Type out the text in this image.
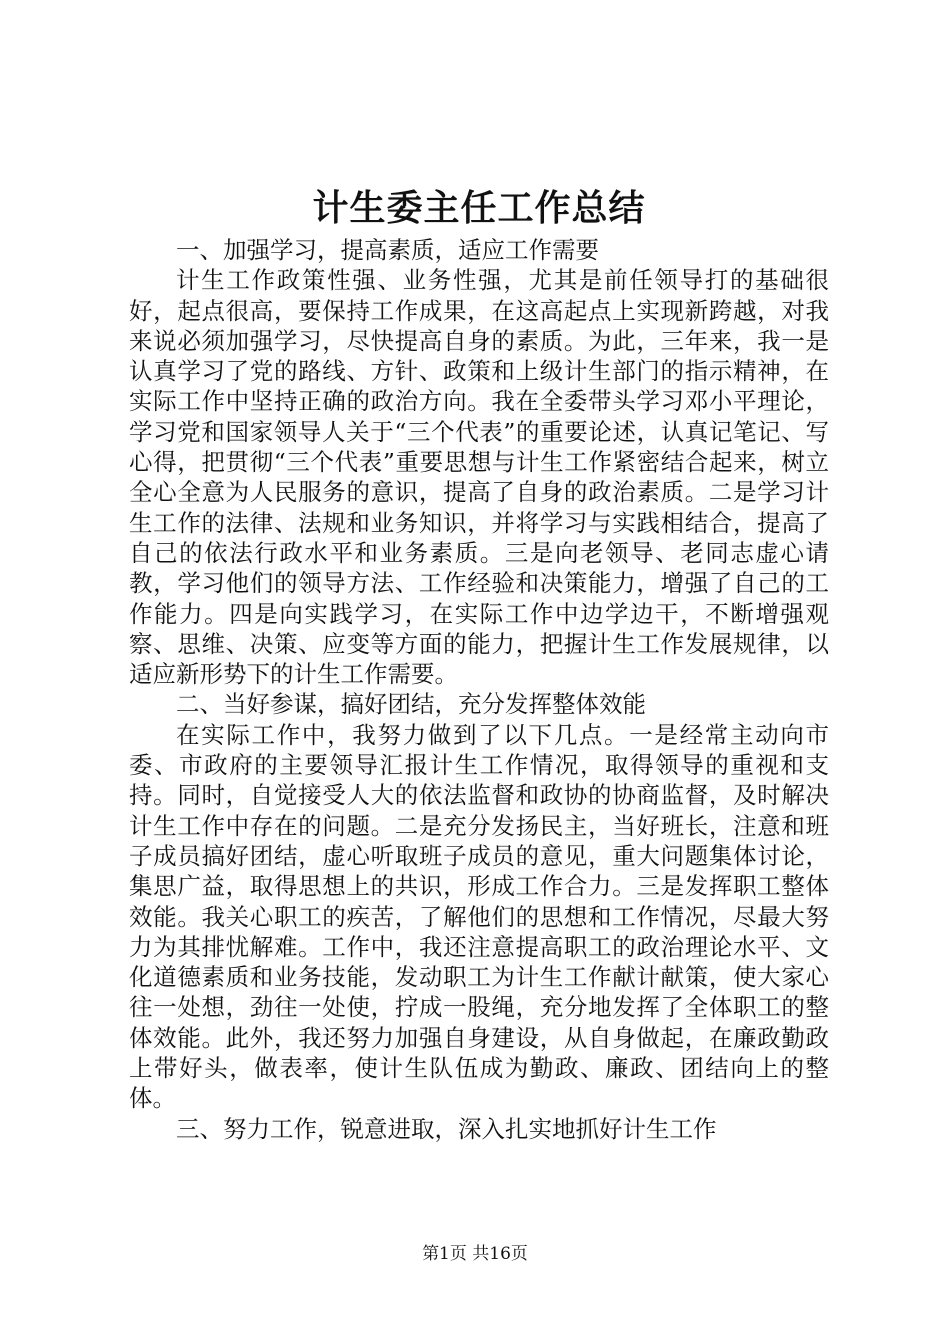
计生委主任工作总结

一、加强学习，提高素质，适应工作需要

计生工作政策性强、业务性强，尤其是前任领导打的基础很好，起点很高，要保持工作成果，在这高起点上实现新跨越，对我来说必须加强学习，尽快提高自身的素质。为此，三年来，我一是认真学习了党的路线、方针、政策和上级计生部门的指示精神，在实际工作中坚持正确的政治方向。我在全委带头学习邓小平理论，学习党和国家领导人关于“三个代表”的重要论述，认真记笔记、写心得，把贯彻“三个代表”重要思想与计生工作紧密结合起来，树立全心全意为人民服务的意识，提高了自身的政治素质。二是学习计生工作的法律、法规和业务知识，并将学习与实践相结合，提高了自己的依法行政水平和业务素质。三是向老领导、老同志虚心请教，学习他们的领导方法、工作经验和决策能力，增强了自己的工作能力。四是向实践学习，在实际工作中边学边干，不断增强观察、思维、决策、应变等方面的能力，把握计生工作发展规律，以适应新形势下的计生工作需要。

二、当好参谋，搞好团结，充分发挥整体效能

在实际工作中，我努力做到了以下几点。一是经常主动向市委、市政府的主要领导汇报计生工作情况，取得领导的重视和支持。同时，自觉接受人大的依法监督和政协的协商监督，及时解决计生工作中存在的问题。二是充分发扬民主，当好班长，注意和班子成员搞好团结，虚心听取班子成员的意见，重大问题集体讨论，集思广益，取得思想上的共识，形成工作合力。三是发挥职工整体效能。我关心职工的疾苦，了解他们的思想和工作情况，尽最大努力为其排忧解难。工作中，我还注意提高职工的政治理论水平、文化道德素质和业务技能，发动职工为计生工作献计献策，使大家心往一处想，劲往一处使，拧成一股绳，充分地发挥了全体职工的整体效能。此外，我还努力加强自身建设，从自身做起，在廉政勤政上带好头，做表率，使计生队伍成为勤政、廉政、团结向上的整体。

三、努力工作，锐意进取，深入扎实地抓好计生工作

第1页 共16页
